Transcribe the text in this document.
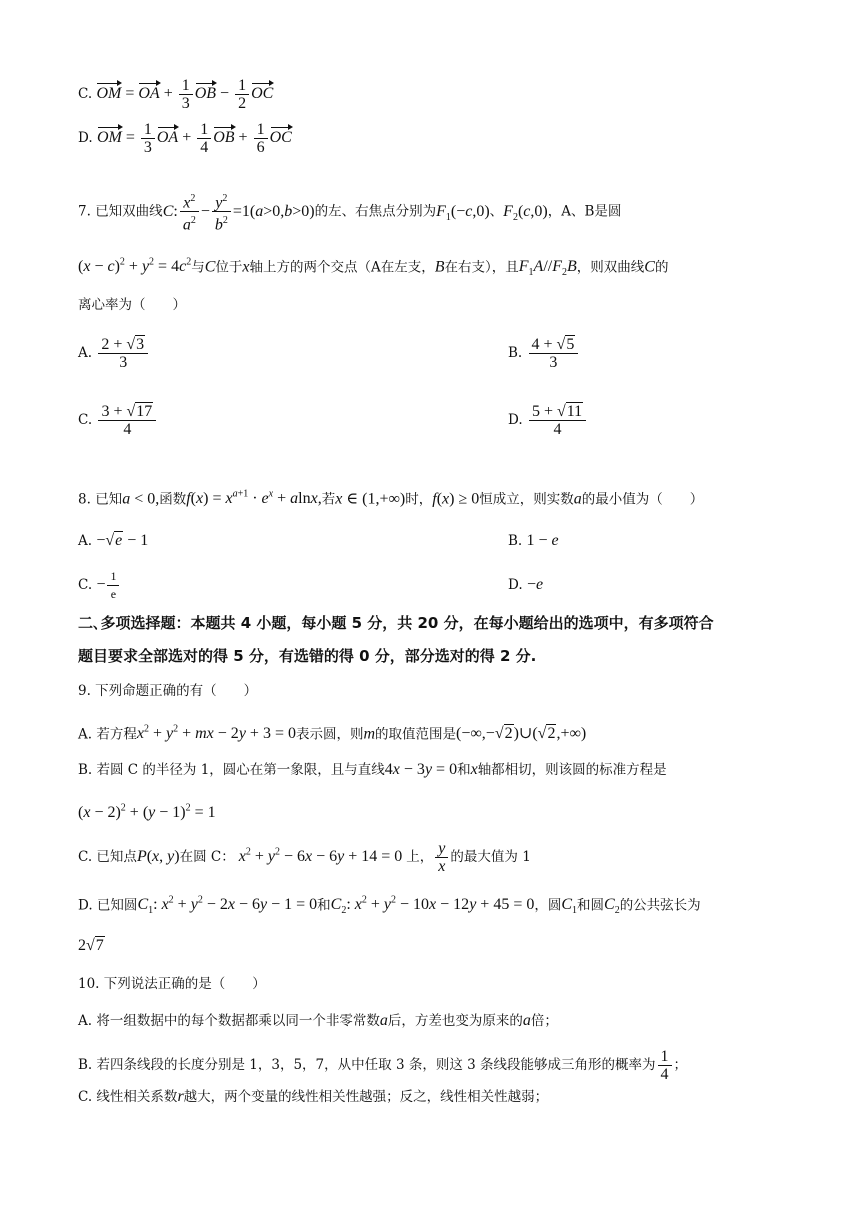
C. OM = OA + $\frac{1}{3}$ OB − $\frac{1}{2}$ OC
D. OM = $\frac{1}{3}$ OA + $\frac{1}{4}$ OB + $\frac{1}{6}$ OC
7. 已知双曲线C: $\frac{x^2}{a^2} - \frac{y^2}{b^2} =1(a>0,b>0)$的左、右焦点分别为$F_1(-c,0)$、$F_2(c,0)$，A、B是圆
$(x - c)^2 + y^2 = 4c^2$与C位于x轴上方的两个交点（A在左支，B在右支），且$F_1A//F_2B$，则双曲线C的
离心率为（　　）
A. $\frac{2 + √3}{3}$	B. $\frac{4 + √5}{3}$
C. $\frac{3 + √17}{4}$	D. $\frac{5 + √11}{4}$
8. 已知a < 0,函数$f(x) = x^{a+1} \cdot e^x + alnx$,若x ∈ (1,+∞)时，f(x) ≥ 0恒成立，则实数a的最小值为（　　）
A. −√e − 1	B. 1 − e
C. − $\frac{1}{e}$	D. −e
二､多项选择题：本题共 4 小题，每小题 5 分，共 20 分，在每小题给出的选项中，有多项符合
题目要求全部选对的得 5 分，有选错的得 0 分，部分选对的得 2 分.
9. 下列命题正确的有（　　）
A. 若方程$x^2 + y^2$ + mx − 2y + 3 = 0表示圆，则m的取值范围是(−∞,−√2)∪(√2,+∞)
B. 若圆 C 的半径为 1，圆心在第一象限，且与直线4x − 3y = 0和x轴都相切，则该圆的标准方程是
$(x - 2)^2 + (y - 1)^2 = 1$
C. 已知点P(x, y)在圆 C： $x^2 + y^2 - 6x - 6y + 14 = 0$ 上， $\frac{y}{x}$ 的最大值为 1
D. 已知圆$C_1$: $x^2 + y^2 - 2x - 6y - 1 = 0$和$C_2$: $x^2 + y^2 - 10x - 12y + 45 = 0$，圆$C_1$和圆$C_2$的公共弦长为
2√7
10. 下列说法正确的是（　　）
A. 将一组数据中的每个数据都乘以同一个非零常数a后，方差也变为原来的a倍；
B. 若四条线段的长度分别是 1，3，5，7，从中任取 3 条，则这 3 条线段能够成三角形的概率为 $\frac{1}{4}$ ；
C. 线性相关系数r越大，两个变量的线性相关性越强；反之，线性相关性越弱；
